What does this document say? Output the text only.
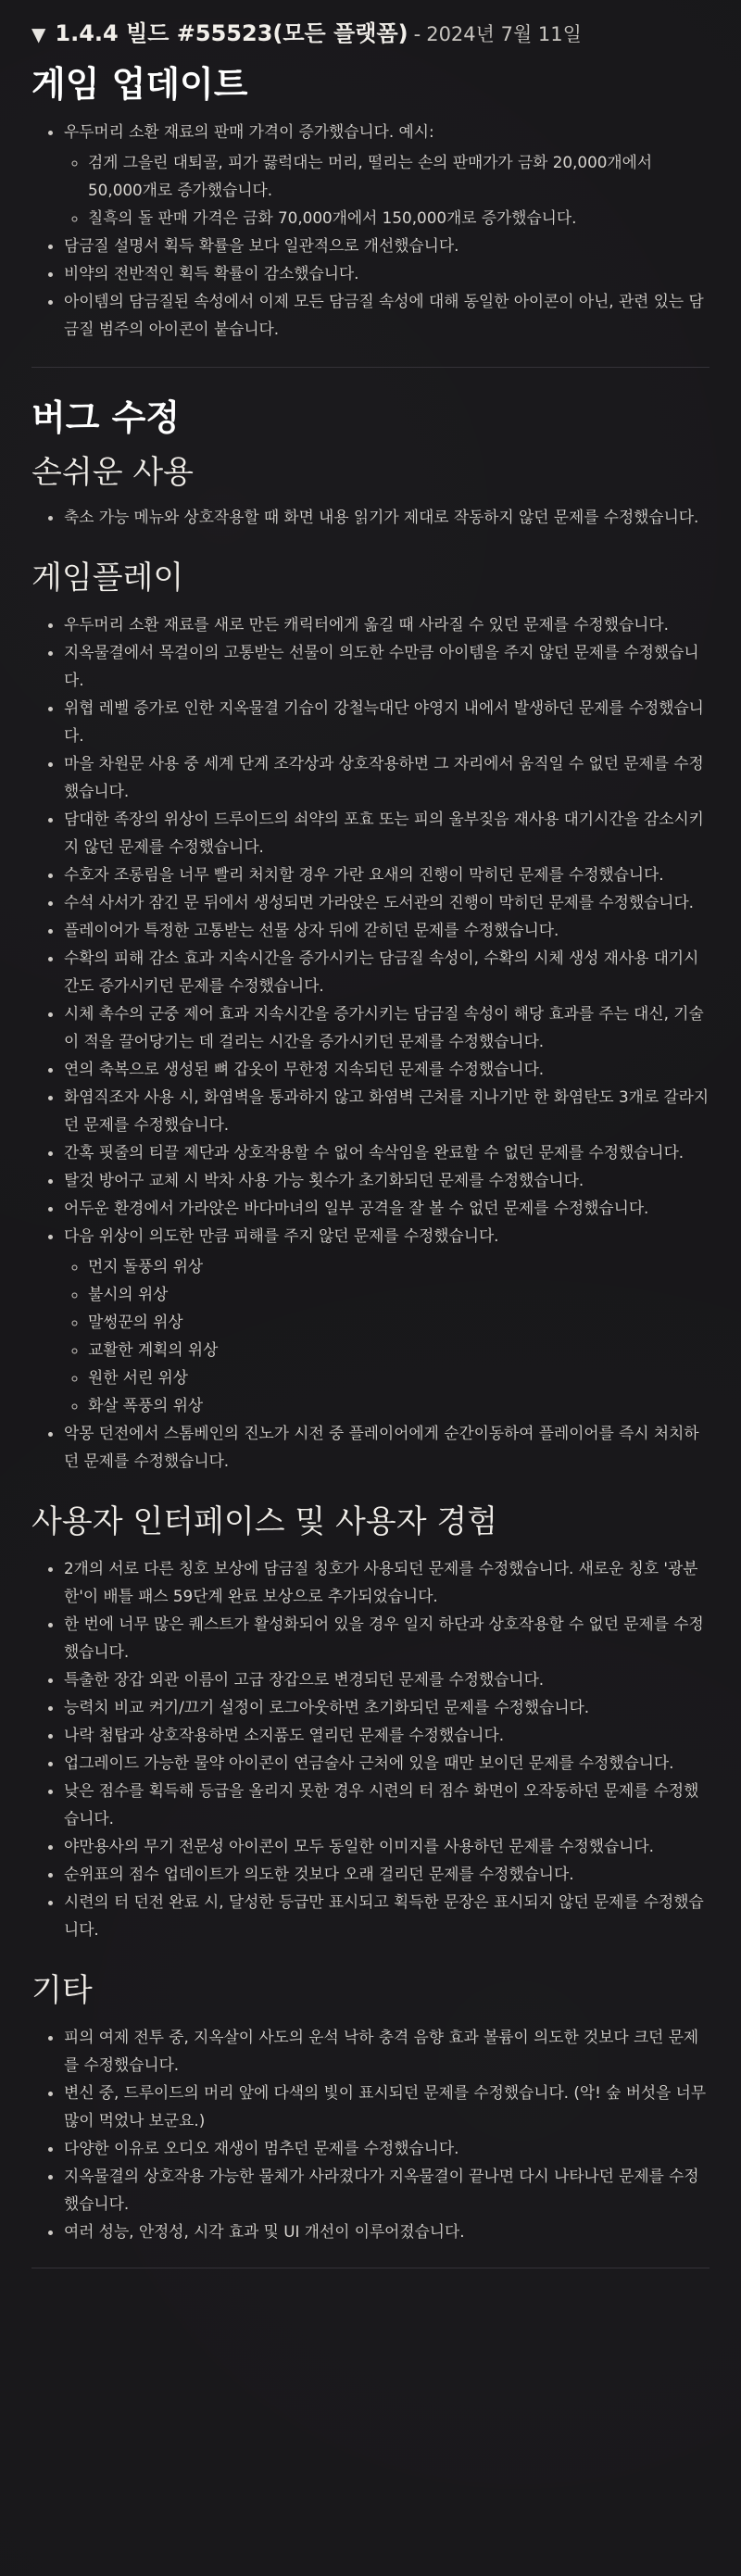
▼ 1.4.4 빌드 #55523(모든 플랫폼) - 2024년 7월 11일
게임 업데이트
• 우두머리 소환 재료의 판매 가격이 증가했습니다. 예시:
◦ 검게 그을린 대퇴골, 피가 끓럭대는 머리, 떨리는 손의 판매가가 금화 20,000개에서 50,000개로 증가했습니다.
◦ 칠흑의 돌 판매 가격은 금화 70,000개에서 150,000개로 증가했습니다.
• 담금질 설명서 획득 확률을 보다 일관적으로 개선했습니다.
• 비약의 전반적인 획득 확률이 감소했습니다.
• 아이템의 담금질된 속성에서 이제 모든 담금질 속성에 대해 동일한 아이콘이 아닌, 관련 있는 담금질 범주의 아이콘이 붙습니다.
버그 수정
손쉬운 사용
• 축소 가능 메뉴와 상호작용할 때 화면 내용 읽기가 제대로 작동하지 않던 문제를 수정했습니다.
게임플레이
• 우두머리 소환 재료를 새로 만든 캐릭터에게 옮길 때 사라질 수 있던 문제를 수정했습니다.
• 지옥물결에서 목걸이의 고통받는 선물이 의도한 수만큼 아이템을 주지 않던 문제를 수정했습니다.
• 위협 레벨 증가로 인한 지옥물결 기습이 강철늑대단 야영지 내에서 발생하던 문제를 수정했습니다.
• 마을 차원문 사용 중 세계 단계 조각상과 상호작용하면 그 자리에서 움직일 수 없던 문제를 수정했습니다.
• 담대한 족장의 위상이 드루이드의 쇠약의 포효 또는 피의 울부짖음 재사용 대기시간을 감소시키지 않던 문제를 수정했습니다.
• 수호자 조롱림을 너무 빨리 처치할 경우 가란 요새의 진행이 막히던 문제를 수정했습니다.
• 수석 사서가 잠긴 문 뒤에서 생성되면 가라앉은 도서관의 진행이 막히던 문제를 수정했습니다.
• 플레이어가 특정한 고통받는 선물 상자 뒤에 갇히던 문제를 수정했습니다.
• 수확의 피해 감소 효과 지속시간을 증가시키는 담금질 속성이, 수확의 시체 생성 재사용 대기시간도 증가시키던 문제를 수정했습니다.
• 시체 촉수의 군중 제어 효과 지속시간을 증가시키는 담금질 속성이 해당 효과를 주는 대신, 기술이 적을 끌어당기는 데 걸리는 시간을 증가시키던 문제를 수정했습니다.
• 연의 축복으로 생성된 뼈 갑옷이 무한정 지속되던 문제를 수정했습니다.
• 화염직조자 사용 시, 화염벽을 통과하지 않고 화염벽 근처를 지나기만 한 화염탄도 3개로 갈라지던 문제를 수정했습니다.
• 간혹 핏줄의 티끌 제단과 상호작용할 수 없어 속삭임을 완료할 수 없던 문제를 수정했습니다.
• 탈것 방어구 교체 시 박차 사용 가능 횟수가 초기화되던 문제를 수정했습니다.
• 어두운 환경에서 가라앉은 바다마녀의 일부 공격을 잘 볼 수 없던 문제를 수정했습니다.
• 다음 위상이 의도한 만큼 피해를 주지 않던 문제를 수정했습니다.
◦ 먼지 돌풍의 위상
◦ 불시의 위상
◦ 말썽꾼의 위상
◦ 교활한 계획의 위상
◦ 원한 서린 위상
◦ 화살 폭풍의 위상
• 악몽 던전에서 스톰베인의 진노가 시전 중 플레이어에게 순간이동하여 플레이어를 즉시 처치하던 문제를 수정했습니다.
사용자 인터페이스 및 사용자 경험
• 2개의 서로 다른 칭호 보상에 담금질 칭호가 사용되던 문제를 수정했습니다. 새로운 칭호 '광분한'이 배틀 패스 59단계 완료 보상으로 추가되었습니다.
• 한 번에 너무 많은 퀘스트가 활성화되어 있을 경우 일지 하단과 상호작용할 수 없던 문제를 수정했습니다.
• 특출한 장갑 외관 이름이 고급 장갑으로 변경되던 문제를 수정했습니다.
• 능력치 비교 켜기/끄기 설정이 로그아웃하면 초기화되던 문제를 수정했습니다.
• 나락 첨탑과 상호작용하면 소지품도 열리던 문제를 수정했습니다.
• 업그레이드 가능한 물약 아이콘이 연금술사 근처에 있을 때만 보이던 문제를 수정했습니다.
• 낮은 점수를 획득해 등급을 올리지 못한 경우 시련의 터 점수 화면이 오작동하던 문제를 수정했습니다.
• 야만용사의 무기 전문성 아이콘이 모두 동일한 이미지를 사용하던 문제를 수정했습니다.
• 순위표의 점수 업데이트가 의도한 것보다 오래 걸리던 문제를 수정했습니다.
• 시련의 터 던전 완료 시, 달성한 등급만 표시되고 획득한 문장은 표시되지 않던 문제를 수정했습니다.
기타
• 피의 여제 전투 중, 지옥살이 사도의 운석 낙하 충격 음향 효과 볼륨이 의도한 것보다 크던 문제를 수정했습니다.
• 변신 중, 드루이드의 머리 앞에 다색의 빛이 표시되던 문제를 수정했습니다. (악! 숲 버섯을 너무 많이 먹었나 보군요.)
• 다양한 이유로 오디오 재생이 멈추던 문제를 수정했습니다.
• 지옥물결의 상호작용 가능한 물체가 사라졌다가 지옥물결이 끝나면 다시 나타나던 문제를 수정했습니다.
• 여러 성능, 안정성, 시각 효과 및 UI 개선이 이루어졌습니다.
